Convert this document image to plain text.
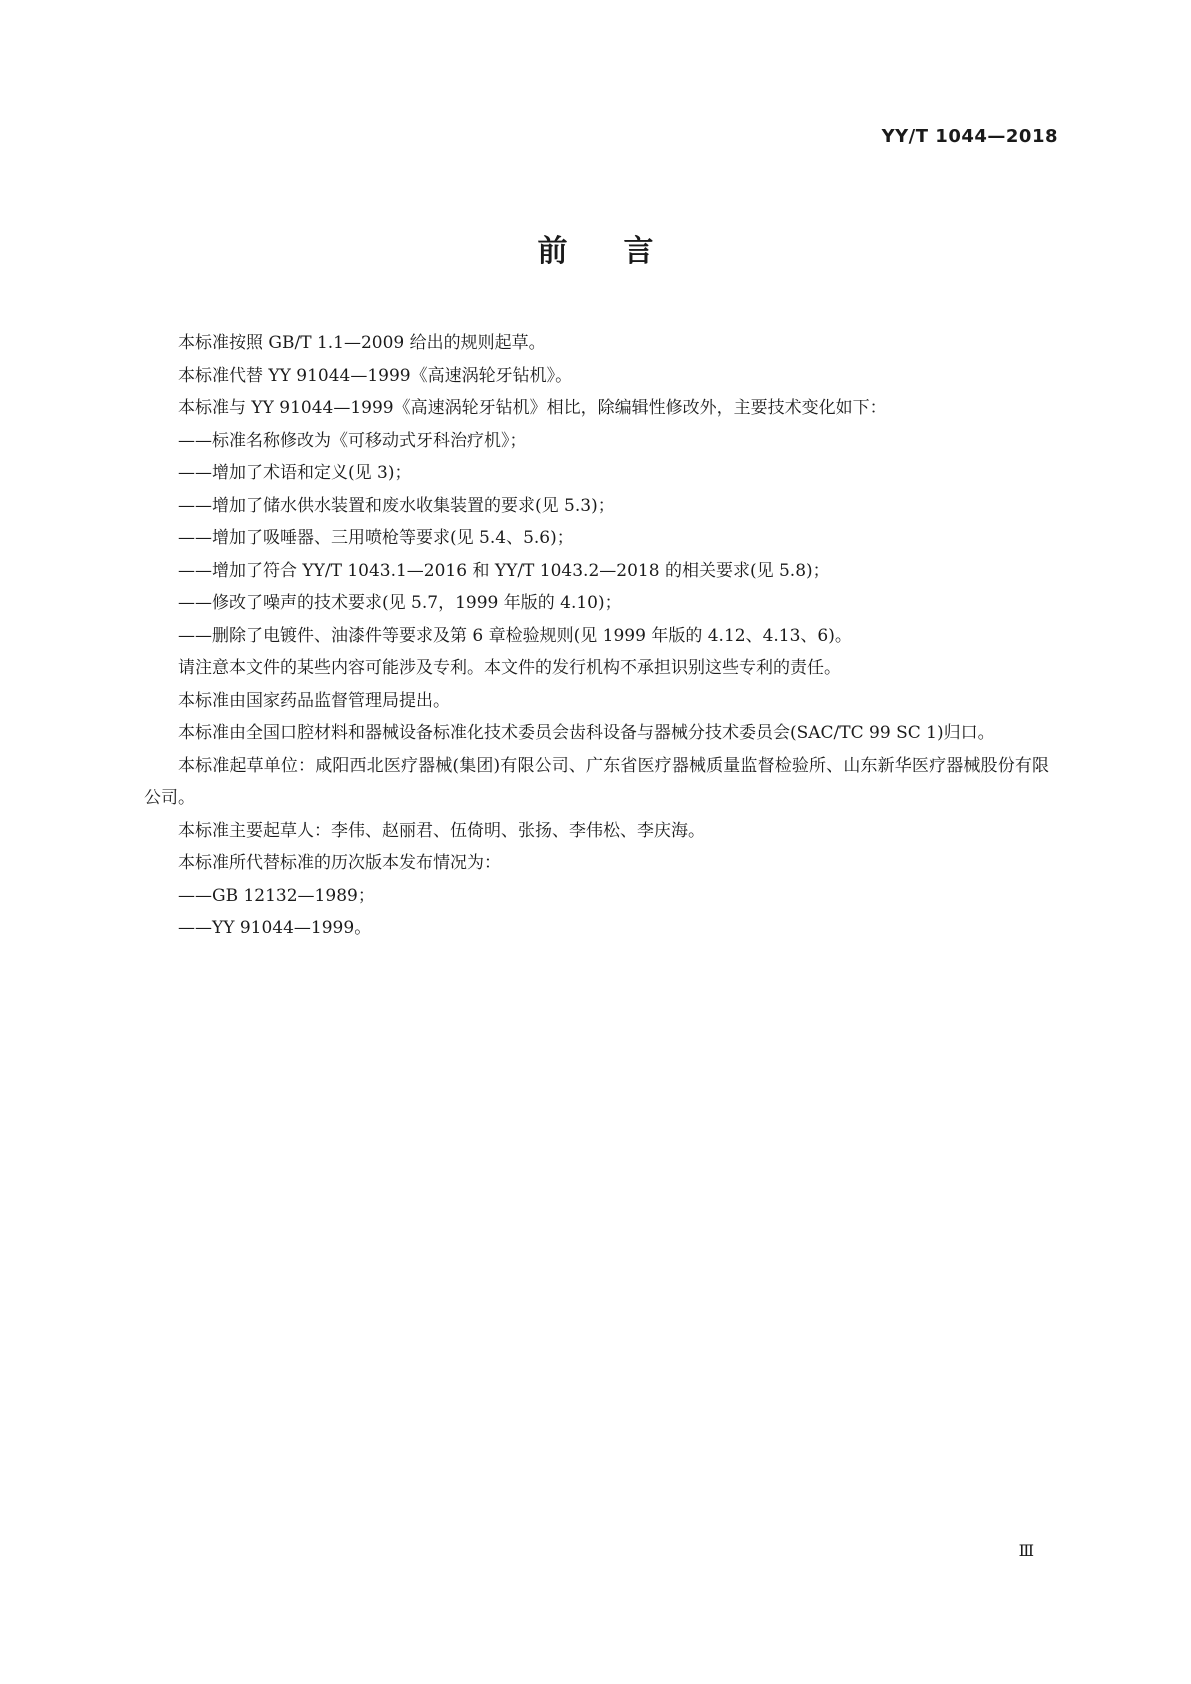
YY/T 1044—2018
前言

本标准按照 GB/T 1.1—2009 给出的规则起草。

本标准代替 YY 91044—1999《高速涡轮牙钻机》。

本标准与 YY 91044—1999《高速涡轮牙钻机》相比，除编辑性修改外，主要技术变化如下：

——标准名称修改为《可移动式牙科治疗机》；

——增加了术语和定义(见 3)；

——增加了储水供水装置和废水收集装置的要求(见 5.3)；

——增加了吸唾器、三用喷枪等要求(见 5.4、5.6)；

——增加了符合 YY/T 1043.1—2016 和 YY/T 1043.2—2018 的相关要求(见 5.8)；

——修改了噪声的技术要求(见 5.7，1999 年版的 4.10)；

——删除了电镀件、油漆件等要求及第 6 章检验规则(见 1999 年版的 4.12、4.13、6)。

请注意本文件的某些内容可能涉及专利。本文件的发行机构不承担识别这些专利的责任。

本标准由国家药品监督管理局提出。

本标准由全国口腔材料和器械设备标准化技术委员会齿科设备与器械分技术委员会(SAC/TC 99 SC 1)归口。

本标准起草单位：咸阳西北医疗器械(集团)有限公司、广东省医疗器械质量监督检验所、山东新华医疗器械股份有限公司。

本标准主要起草人：李伟、赵丽君、伍倚明、张扬、李伟松、李庆海。

本标准所代替标准的历次版本发布情况为：

——GB 12132—1989；

——YY 91044—1999。

Ⅲ
